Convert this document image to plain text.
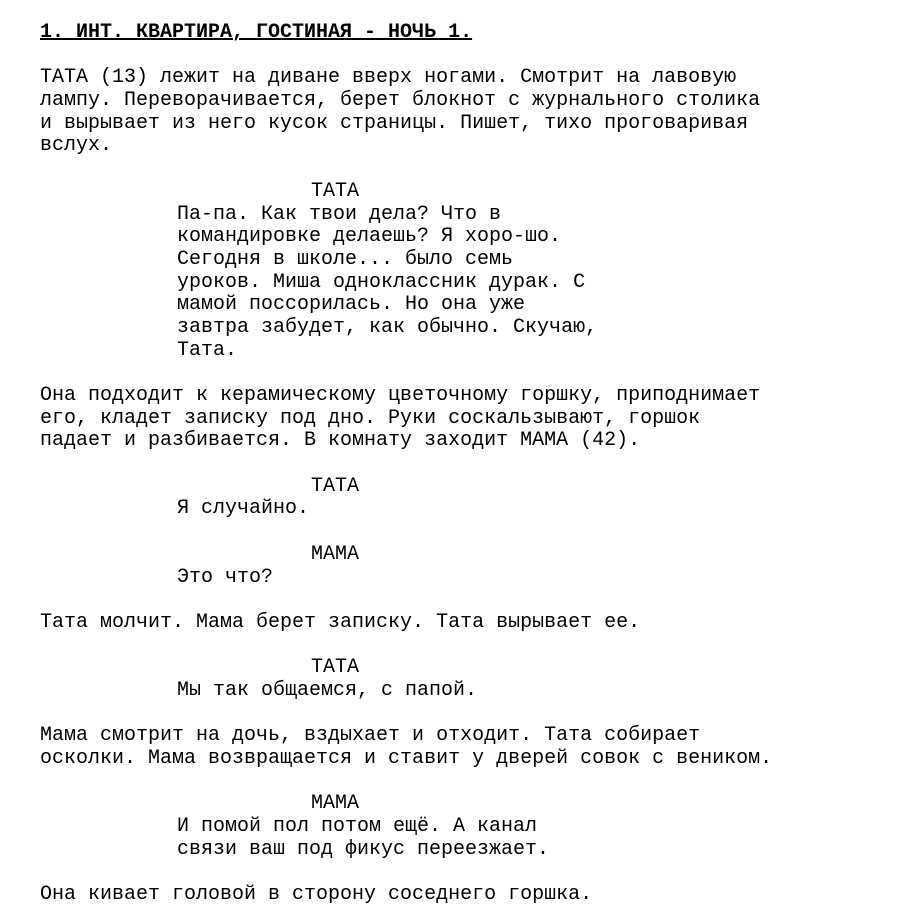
1. ИНТ. КВАРТИРА, ГОСТИНАЯ - НОЧЬ 1.
ТАТА (13) лежит на диване вверх ногами. Смотрит на лавовую
лампу. Переворачивается, берет блокнот с журнального столика
и вырывает из него кусок страницы. Пишет, тихо проговаривая
вслух.
ТАТА
Па-па. Как твои дела? Что в
командировке делаешь? Я хоро-шо.
Сегодня в школе... было семь
уроков. Миша одноклассник дурак. С
мамой поссорилась. Но она уже
завтра забудет, как обычно. Скучаю,
Тата.
Она подходит к керамическому цветочному горшку, приподнимает
его, кладет записку под дно. Руки соскальзывают, горшок
падает и разбивается. В комнату заходит МАМА (42).
ТАТА
Я случайно.
МАМА
Это что?
Тата молчит. Мама берет записку. Тата вырывает ее.
ТАТА
Мы так общаемся, с папой.
Мама смотрит на дочь, вздыхает и отходит. Тата собирает
осколки. Мама возвращается и ставит у дверей совок с веником.
МАМА
И помой пол потом ещё. А канал
связи ваш под фикус переезжает.
Она кивает головой в сторону соседнего горшка.
